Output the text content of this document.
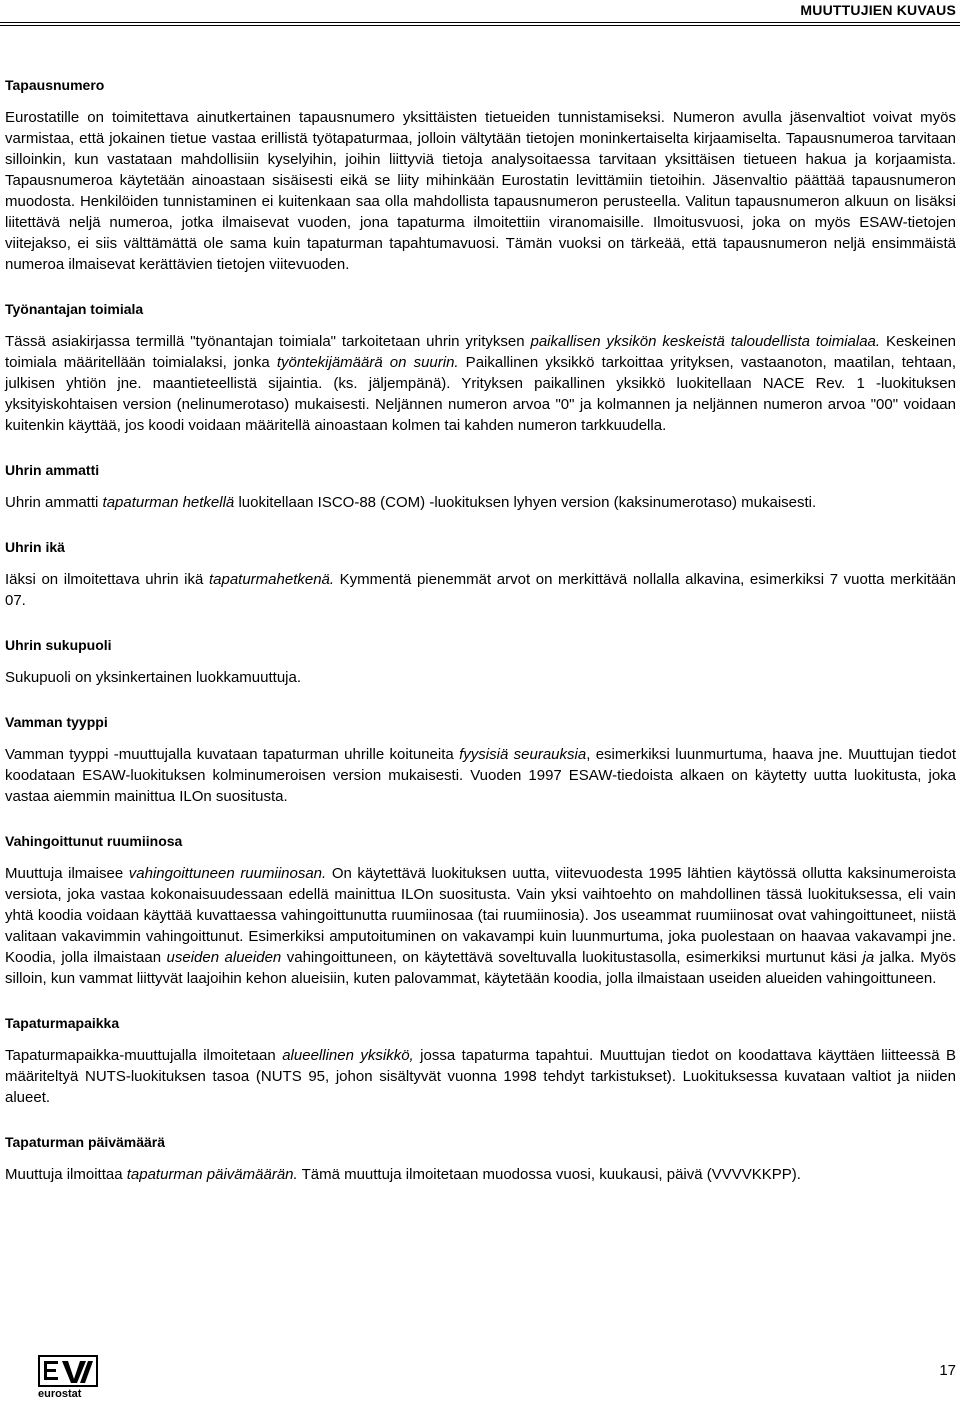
MUUTTUJIEN KUVAUS
Tapausnumero

Eurostatille on toimitettava ainutkertainen tapausnumero yksittäisten tietueiden tunnistamiseksi. Numeron avulla jäsenvaltiot voivat myös varmistaa, että jokainen tietue vastaa erillistä työtapaturmaa, jolloin vältytään tietojen moninkertaiselta kirjaamiselta. Tapausnumeroa tarvitaan silloinkin, kun vastataan mahdollisiin kyselyihin, joihin liittyviä tietoja analysoitaessa tarvitaan yksittäisen tietueen hakua ja korjaamista. Tapausnumeroa käytetään ainoastaan sisäisesti eikä se liity mihinkään Eurostatin levittämiin tietoihin. Jäsenvaltio päättää tapausnumeron muodosta. Henkilöiden tunnistaminen ei kuitenkaan saa olla mahdollista tapausnumeron perusteella. Valitun tapausnumeron alkuun on lisäksi liitettävä neljä numeroa, jotka ilmaisevat vuoden, jona tapaturma ilmoitettiin viranomaisille. Ilmoitusvuosi, joka on myös ESAW-tietojen viitejakso, ei siis välttämättä ole sama kuin tapaturman tapahtumavuosi. Tämän vuoksi on tärkeää, että tapausnumeron neljä ensimmäistä numeroa ilmaisevat kerättävien tietojen viitevuoden.

Työnantajan toimiala

Tässä asiakirjassa termillä "työnantajan toimiala" tarkoitetaan uhrin yrityksen paikallisen yksikön keskeistä taloudellista toimialaa. Keskeinen toimiala määritellään toimialaksi, jonka työntekijämäärä on suurin. Paikallinen yksikkö tarkoittaa yrityksen, vastaanoton, maatilan, tehtaan, julkisen yhtiön jne. maantieteellistä sijaintia. (ks. jäljempänä). Yrityksen paikallinen yksikkö luokitellaan NACE Rev. 1 -luokituksen yksityiskohtaisen version (nelinumerotaso) mukaisesti. Neljännen numeron arvoa "0" ja kolmannen ja neljännen numeron arvoa "00" voidaan kuitenkin käyttää, jos koodi voidaan määritellä ainoastaan kolmen tai kahden numeron tarkkuudella.

Uhrin ammatti

Uhrin ammatti tapaturman hetkellä luokitellaan ISCO-88 (COM) -luokituksen lyhyen version (kaksinumerotaso) mukaisesti.

Uhrin ikä

Iäksi on ilmoitettava uhrin ikä tapaturmahetkenä. Kymmentä pienemmät arvot on merkittävä nollalla alkavina, esimerkiksi 7 vuotta merkitään 07.

Uhrin sukupuoli

Sukupuoli on yksinkertainen luokkamuuttuja.

Vamman tyyppi

Vamman tyyppi -muuttujalla kuvataan tapaturman uhrille koituneita fyysisiä seurauksia, esimerkiksi luunmurtuma, haava jne. Muuttujan tiedot koodataan ESAW-luokituksen kolminumeroisen version mukaisesti. Vuoden 1997 ESAW-tiedoista alkaen on käytetty uutta luokitusta, joka vastaa aiemmin mainittua ILOn suositusta.

Vahingoittunut ruumiinosa

Muuttuja ilmaisee vahingoittuneen ruumiinosan. On käytettävä luokituksen uutta, viitevuodesta 1995 lähtien käytössä ollutta kaksinumeroista versiota, joka vastaa kokonaisuudessaan edellä mainittua ILOn suositusta. Vain yksi vaihtoehto on mahdollinen tässä luokituksessa, eli vain yhtä koodia voidaan käyttää kuvattaessa vahingoittunutta ruumiinosaa (tai ruumiinosia). Jos useammat ruumiinosat ovat vahingoittuneet, niistä valitaan vakavimmin vahingoittunut. Esimerkiksi amputoituminen on vakavampi kuin luunmurtuma, joka puolestaan on haavaa vakavampi jne. Koodia, jolla ilmaistaan useiden alueiden vahingoittuneen, on käytettävä soveltuvalla luokitustasolla, esimerkiksi murtunut käsi ja jalka. Myös silloin, kun vammat liittyvät laajoihin kehon alueisiin, kuten palovammat, käytetään koodia, jolla ilmaistaan useiden alueiden vahingoittuneen.

Tapaturmapaikka

Tapaturmapaikka-muuttujalla ilmoitetaan alueellinen yksikkö, jossa tapaturma tapahtui. Muuttujan tiedot on koodattava käyttäen liitteessä B määriteltyä NUTS-luokituksen tasoa (NUTS 95, johon sisältyvät vuonna 1998 tehdyt tarkistukset). Luokituksessa kuvataan valtiot ja niiden alueet.

Tapaturman päivämäärä

Muuttuja ilmoittaa tapaturman päivämäärän. Tämä muuttuja ilmoitetaan muodossa vuosi, kuukausi, päivä (VVVVKKPP).

eurostat
17
